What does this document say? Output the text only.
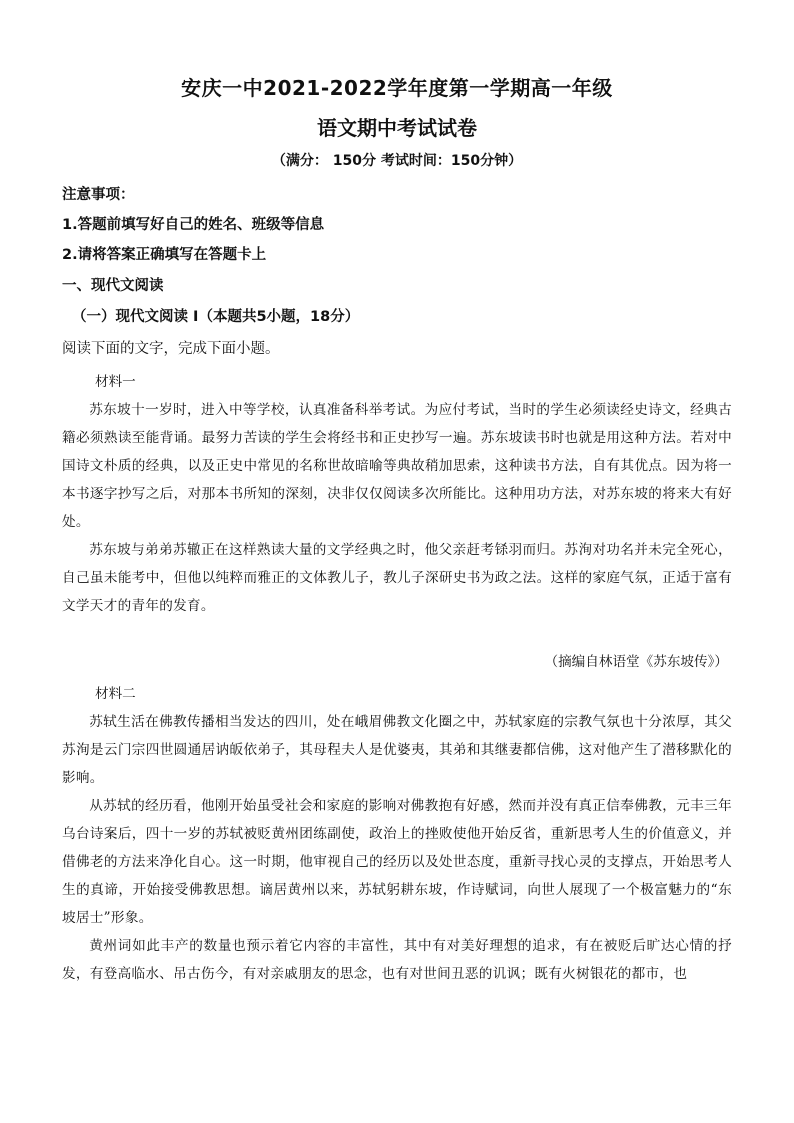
安庆一中2021-2022学年度第一学期高一年级
语文期中考试试卷
（满分： 150分 考试时间：150分钟）
注意事项：
1.答题前填写好自己的姓名、班级等信息
2.请将答案正确填写在答题卡上
一、现代文阅读
（一）现代文阅读 I（本题共5小题，18分）
阅读下面的文字，完成下面小题。
材料一

苏东坡十一岁时，进入中等学校，认真准备科举考试。为应付考试，当时的学生必须读经史诗文，经典古籍必须熟读至能背诵。最努力苦读的学生会将经书和正史抄写一遍。苏东坡读书时也就是用这种方法。若对中国诗文朴质的经典，以及正史中常见的名称世故暗喻等典故稍加思索，这种读书方法，自有其优点。因为将一本书逐字抄写之后，对那本书所知的深刻，决非仅仅阅读多次所能比。这种用功方法，对苏东坡的将来大有好处。

苏东坡与弟弟苏辙正在这样熟读大量的文学经典之时，他父亲赶考铩羽而归。苏洵对功名并未完全死心，自己虽未能考中，但他以纯粹而雅正的文体教儿子，教儿子深研史书为政之法。这样的家庭气氛，正适于富有文学天才的青年的发育。

（摘编自林语堂《苏东坡传》）
材料二

苏轼生活在佛教传播相当发达的四川，处在峨眉佛教文化圈之中，苏轼家庭的宗教气氛也十分浓厚，其父苏洵是云门宗四世圆通居讷皈依弟子，其母程夫人是优婆夷，其弟和其继妻都信佛，这对他产生了潜移默化的影响。

从苏轼的经历看，他刚开始虽受社会和家庭的影响对佛教抱有好感，然而并没有真正信奉佛教，元丰三年乌台诗案后，四十一岁的苏轼被贬黄州团练副使，政治上的挫败使他开始反省，重新思考人生的价值意义，并借佛老的方法来净化自心。这一时期，他审视自己的经历以及处世态度，重新寻找心灵的支撑点，开始思考人生的真谛，开始接受佛教思想。谪居黄州以来，苏轼躬耕东坡，作诗赋词，向世人展现了一个极富魅力的“东坡居士”形象。

黄州词如此丰产的数量也预示着它内容的丰富性，其中有对美好理想的追求，有在被贬后旷达心情的抒发，有登高临水、吊古伤今，有对亲戚朋友的思念，也有对世间丑恶的讥讽；既有火树银花的都市，也
